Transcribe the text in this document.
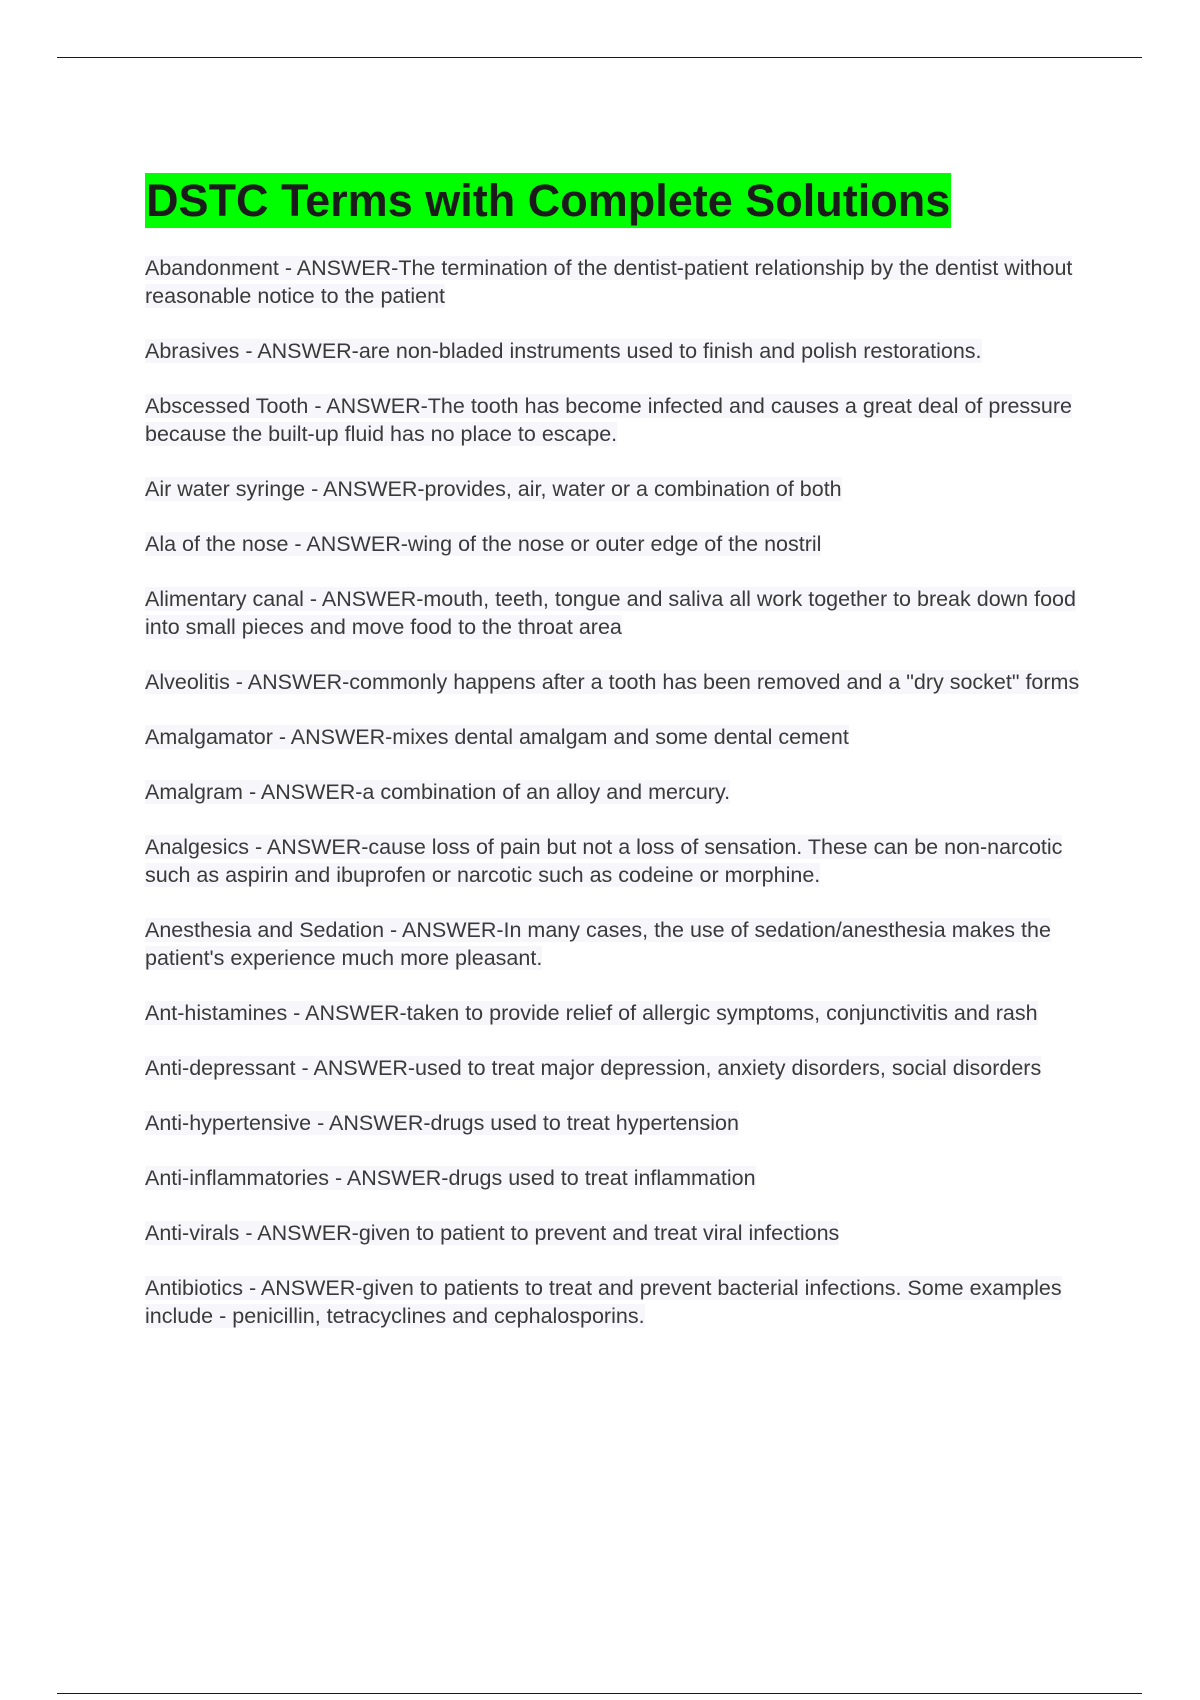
DSTC Terms with Complete Solutions
Abandonment - ANSWER-The termination of the dentist-patient relationship by the dentist without reasonable notice to the patient
Abrasives - ANSWER-are non-bladed instruments used to finish and polish restorations.
Abscessed Tooth - ANSWER-The tooth has become infected and causes a great deal of pressure because the built-up fluid has no place to escape.
Air water syringe - ANSWER-provides, air, water or a combination of both
Ala of the nose - ANSWER-wing of the nose or outer edge of the nostril
Alimentary canal - ANSWER-mouth, teeth, tongue and saliva all work together to break down food into small pieces and move food to the throat area
Alveolitis - ANSWER-commonly happens after a tooth has been removed and a "dry socket" forms
Amalgamator - ANSWER-mixes dental amalgam and some dental cement
Amalgram - ANSWER-a combination of an alloy and mercury.
Analgesics - ANSWER-cause loss of pain but not a loss of sensation. These can be non-narcotic such as aspirin and ibuprofen or narcotic such as codeine or morphine.
Anesthesia and Sedation - ANSWER-In many cases, the use of sedation/anesthesia makes the patient's experience much more pleasant.
Ant-histamines - ANSWER-taken to provide relief of allergic symptoms, conjunctivitis and rash
Anti-depressant - ANSWER-used to treat major depression, anxiety disorders, social disorders
Anti-hypertensive - ANSWER-drugs used to treat hypertension
Anti-inflammatories - ANSWER-drugs used to treat inflammation
Anti-virals - ANSWER-given to patient to prevent and treat viral infections
Antibiotics - ANSWER-given to patients to treat and prevent bacterial infections. Some examples include - penicillin, tetracyclines and cephalosporins.
